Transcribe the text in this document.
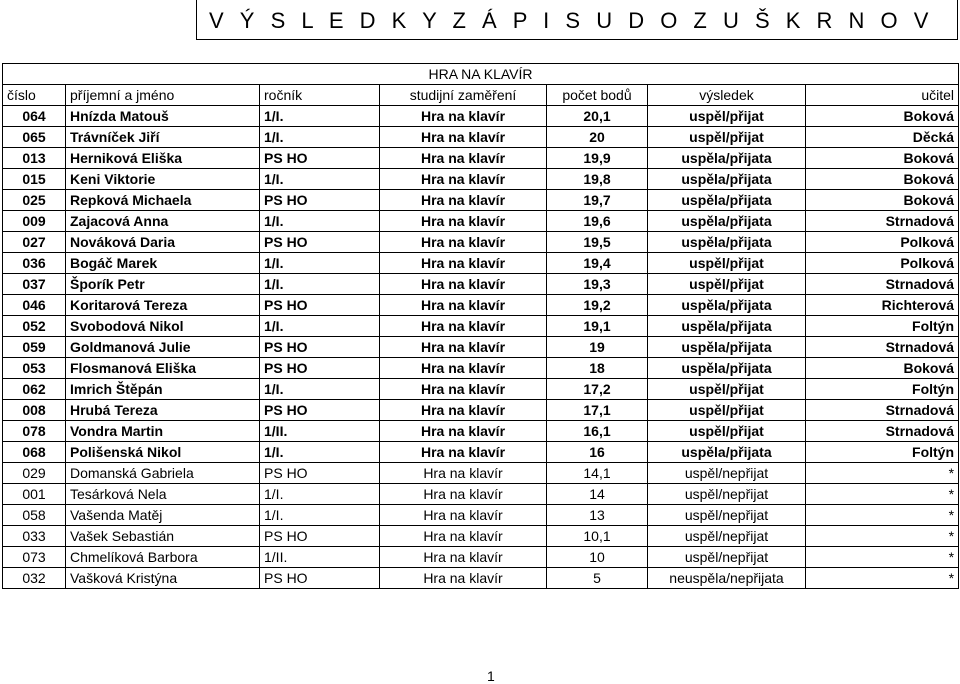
V Ý S L E D K Y Z Á P I S U D O Z U Š K R N O V
HRA NA KLAVÍR						
číslo	příjemní a jméno	ročník	studijní zaměření	počet bodů	výsledek	učitel
064	Hnízda Matouš	1/I.	Hra na klavír	20,1	uspěl/přijat	Boková
065	Trávníček Jiří	1/I.	Hra na klavír	20	uspěl/přijat	Děcká
013	Herniková Eliška	PS HO	Hra na klavír	19,9	uspěla/přijata	Boková
015	Keni Viktorie	1/I.	Hra na klavír	19,8	uspěla/přijata	Boková
025	Repková Michaela	PS HO	Hra na klavír	19,7	uspěla/přijata	Boková
009	Zajacová Anna	1/I.	Hra na klavír	19,6	uspěla/přijata	Strnadová
027	Nováková Daria	PS HO	Hra na klavír	19,5	uspěla/přijata	Polková
036	Bogáč Marek	1/I.	Hra na klavír	19,4	uspěl/přijat	Polková
037	Šporík Petr	1/I.	Hra na klavír	19,3	uspěl/přijat	Strnadová
046	Koritarová Tereza	PS HO	Hra na klavír	19,2	uspěla/přijata	Richterová
052	Svobodová Nikol	1/I.	Hra na klavír	19,1	uspěla/přijata	Foltýn
059	Goldmanová Julie	PS HO	Hra na klavír	19	uspěla/přijata	Strnadová
053	Flosmanová Eliška	PS HO	Hra na klavír	18	uspěla/přijata	Boková
062	Imrich Štěpán	1/I.	Hra na klavír	17,2	uspěl/přijat	Foltýn
008	Hrubá Tereza	PS HO	Hra na klavír	17,1	uspěl/přijat	Strnadová
078	Vondra Martin	1/II.	Hra na klavír	16,1	uspěl/přijat	Strnadová
068	Polišenská Nikol	1/I.	Hra na klavír	16	uspěla/přijata	Foltýn
029	Domanská Gabriela	PS HO	Hra na klavír	14,1	uspěl/nepřijat	*
001	Tesárková Nela	1/I.	Hra na klavír	14	uspěl/nepřijat	*
058	Vašenda Matěj	1/I.	Hra na klavír	13	uspěl/nepřijat	*
033	Vašek Sebastián	PS HO	Hra na klavír	10,1	uspěl/nepřijat	*
073	Chmelíková Barbora	1/II.	Hra na klavír	10	uspěl/nepřijat	*
032	Vašková Kristýna	PS HO	Hra na klavír	5	neuspěla/nepřijata	*
1
